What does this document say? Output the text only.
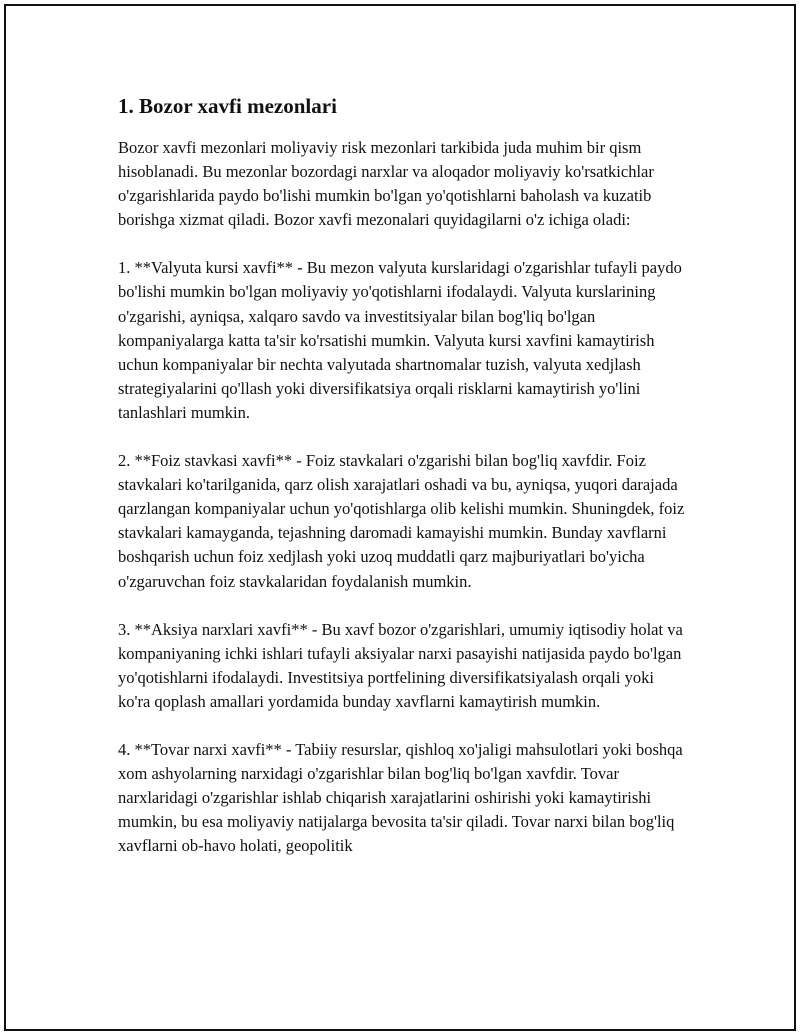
1. Bozor xavfi mezonlari

Bozor xavfi mezonlari moliyaviy risk mezonlari tarkibida juda muhim bir qism hisoblanadi. Bu mezonlar bozordagi narxlar va aloqador moliyaviy ko'rsatkichlar o'zgarishlarida paydo bo'lishi mumkin bo'lgan yo'qotishlarni baholash va kuzatib borishga xizmat qiladi. Bozor xavfi mezonalari quyidagilarni o'z ichiga oladi:

1. **Valyuta kursi xavfi** - Bu mezon valyuta kurslaridagi o'zgarishlar tufayli paydo bo'lishi mumkin bo'lgan moliyaviy yo'qotishlarni ifodalaydi. Valyuta kurslarining o'zgarishi, ayniqsa, xalqaro savdo va investitsiyalar bilan bog'liq bo'lgan kompaniyalarga katta ta'sir ko'rsatishi mumkin. Valyuta kursi xavfini kamaytirish uchun kompaniyalar bir nechta valyutada shartnomalar tuzish, valyuta xedjlash strategiyalarini qo'llash yoki diversifikatsiya orqali risklarni kamaytirish yo'lini tanlashlari mumkin.

2. **Foiz stavkasi xavfi** - Foiz stavkalari o'zgarishi bilan bog'liq xavfdir. Foiz stavkalari ko'tarilganida, qarz olish xarajatlari oshadi va bu, ayniqsa, yuqori darajada qarzlangan kompaniyalar uchun yo'qotishlarga olib kelishi mumkin. Shuningdek, foiz stavkalari kamayganda, tejashning daromadi kamayishi mumkin. Bunday xavflarni boshqarish uchun foiz xedjlash yoki uzoq muddatli qarz majburiyatlari bo'yicha o'zgaruvchan foiz stavkalaridan foydalanish mumkin.

3. **Aksiya narxlari xavfi** - Bu xavf bozor o'zgarishlari, umumiy iqtisodiy holat va kompaniyaning ichki ishlari tufayli aksiyalar narxi pasayishi natijasida paydo bo'lgan yo'qotishlarni ifodalaydi. Investitsiya portfelining diversifikatsiyalash orqali yoki ko'ra qoplash amallari yordamida bunday xavflarni kamaytirish mumkin.

4. **Tovar narxi xavfi** - Tabiiy resurslar, qishloq xo'jaligi mahsulotlari yoki boshqa xom ashyolarning narxidagi o'zgarishlar bilan bog'liq bo'lgan xavfdir. Tovar narxlaridagi o'zgarishlar ishlab chiqarish xarajatlarini oshirishi yoki kamaytirishi mumkin, bu esa moliyaviy natijalarga bevosita ta'sir qiladi. Tovar narxi bilan bog'liq xavflarni ob-havo holati, geopolitik
